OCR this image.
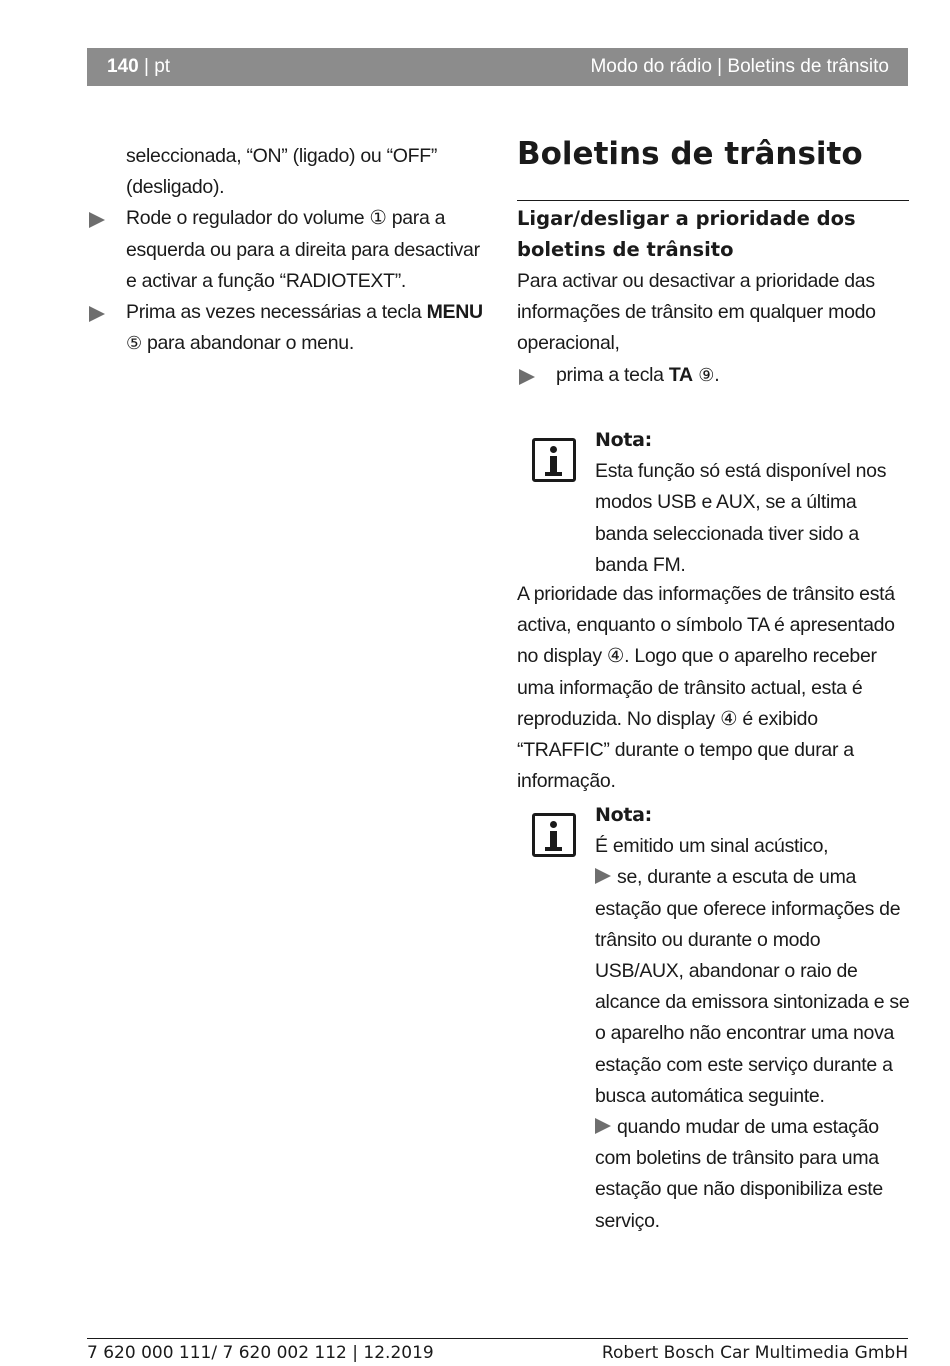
140 | pt	Modo do rádio | Boletins de trânsito
seleccionada, “ON” (ligado) ou “OFF” (desligado).
Rode o regulador do volume ① para a esquerda ou para a direita para desactivar e activar a função “RADIOTEXT”.
Prima as vezes necessárias a tecla MENU ⑤ para abandonar o menu.
Boletins de trânsito
Ligar/desligar a prioridade dos boletins de trânsito
Para activar ou desactivar a prioridade das informações de trânsito em qualquer modo operacional,
prima a tecla TA ⑨.
Nota:
Esta função só está disponível nos modos USB e AUX, se a última banda seleccionada tiver sido a banda FM.
A prioridade das informações de trânsito está activa, enquanto o símbolo TA é apresentado no display ④. Logo que o aparelho receber uma informação de trânsito actual, esta é reproduzida. No display ④ é exibido “TRAFFIC” durante o tempo que durar a informação.
Nota:
É emitido um sinal acústico,
se, durante a escuta de uma estação que oferece informações de trânsito ou durante o modo USB/AUX, abandonar o raio de alcance da emissora sintonizada e se o aparelho não encontrar uma nova estação com este serviço durante a busca automática seguinte.
quando mudar de uma estação com boletins de trânsito para uma estação que não disponibiliza este serviço.
7 620 000 111/ 7 620 002 112 | 12.2019	Robert Bosch Car Multimedia GmbH
